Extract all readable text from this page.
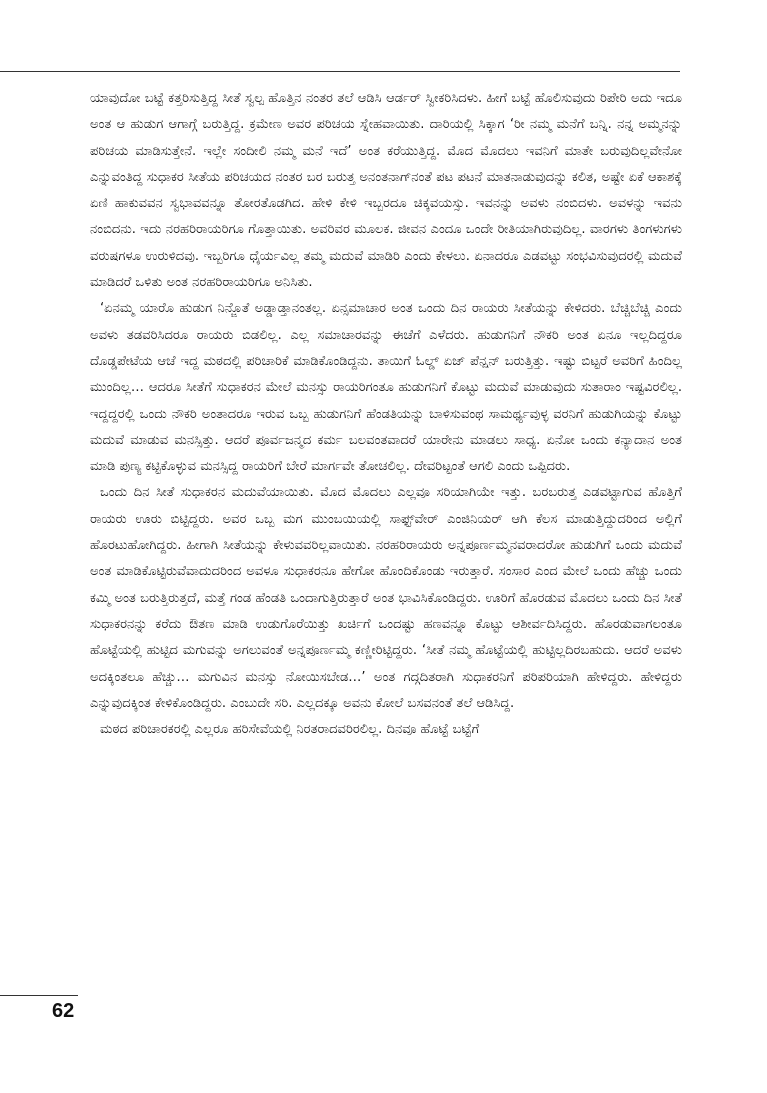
ಯಾವುದೋ ಬಟ್ಟೆ ಕತ್ತರಿಸುತ್ತಿದ್ದ ಸೀತೆ ಸ್ವಲ್ಪ ಹೊತ್ತಿನ ನಂತರ ತಲೆ ಆಡಿಸಿ ಆರ್ಡರ್ ಸ್ವೀಕರಿಸಿದಳು. ಹೀಗೆ ಬಟ್ಟೆ ಹೊಲಿಸುವುದು ರಿಪೇರಿ ಅದು ಇದೂ ಅಂತ ಆ ಹುಡುಗ ಆಗಾಗ್ಗೆ ಬರುತ್ತಿದ್ದ. ಕ್ರಮೇಣ ಅವರ ಪರಿಚಯ ಸ್ನೇಹವಾಯಿತು. ದಾರಿಯಲ್ಲಿ ಸಿಕ್ಕಾಗ ‘ರೀ ನಮ್ಮ ಮನೆಗೆ ಬನ್ನಿ. ನನ್ನ ಅಮ್ಮನನ್ನು ಪರಿಚಯ ಮಾಡಿಸುತ್ತೇನೆ. ಇಲ್ಲೇ ಸಂದೀಲಿ ನಮ್ಮ ಮನೆ ಇದೆ’ ಅಂತ ಕರೆಯುತ್ತಿದ್ದ. ಮೊದ ಮೊದಲು ಇವನಿಗೆ ಮಾತೇ ಬರುವುದಿಲ್ಲವೇನೋ ಎನ್ನುವಂತಿದ್ದ ಸುಧಾಕರ ಸೀತೆಯ ಪರಿಚಯದ ನಂತರ ಬರ ಬರುತ್ತ ಅನಂತನಾಗ್‌ನಂತೆ ಪಟ ಪಟನೆ ಮಾತನಾಡುವುದನ್ನು ಕಲಿತ, ಅಷ್ಟೇ ಏಕೆ ಆಕಾಶಕ್ಕೆ ಏಣಿ ಹಾಕುವವನ ಸ್ವಭಾವವನ್ನೂ ತೋರತೊಡಗಿದ. ಹೇಳಿ ಕೇಳಿ ಇಬ್ಬರದೂ ಚಿಕ್ಕವಯಸ್ಸು. ಇವನನ್ನು ಅವಳು ನಂಬಿದಳು. ಅವಳನ್ನು ಇವನು ನಂಬಿದನು. ಇದು ನರಹರಿರಾಯರಿಗೂ ಗೊತ್ತಾಯಿತು. ಅವರಿವರ ಮೂಲಕ. ಜೀವನ ಎಂದೂ ಒಂದೇ ರೀತಿಯಾಗಿರುವುದಿಲ್ಲ. ವಾರಗಳು ತಿಂಗಳುಗಳು ವರುಷಗಳೂ ಉರುಳಿದವು. ಇಬ್ಬರಿಗೂ ಧೈರ್ಯವಿಲ್ಲ ತಮ್ಮ ಮದುವೆ ಮಾಡಿರಿ ಎಂದು ಕೇಳಲು. ಏನಾದರೂ ಎಡವಟ್ಟು ಸಂಭವಿಸುವುದರಲ್ಲಿ ಮದುವೆ ಮಾಡಿದರೆ ಒಳಿತು ಅಂತ ನರಹರಿರಾಯರಿಗೂ ಅನಿಸಿತು.

‘ಏನಮ್ಮ ಯಾರೊ ಹುಡುಗ ನಿನ್ಜೊತೆ ಅಡ್ಡಾಡ್ತಾನಂತಲ್ಲ. ಏನ್ಸಮಾಚಾರ ಅಂತ ಒಂದು ದಿನ ರಾಯರು ಸೀತೆಯನ್ನು ಕೇಳಿದರು. ಬೆಚ್ಚಿಬೆಚ್ಚಿ ಎಂದು ಅವಳು ತಡವರಿಸಿದರೂ ರಾಯರು ಬಿಡಲಿಲ್ಲ. ಎಲ್ಲ ಸಮಾಚಾರವನ್ನು ಈಚೆಗೆ ಎಳೆದರು. ಹುಡುಗನಿಗೆ ನೌಕರಿ ಅಂತ ಏನೂ ಇಲ್ಲದಿದ್ದರೂ ದೊಡ್ಡಪೇಟೆಯ ಆಚೆ ಇದ್ದ ಮಠದಲ್ಲಿ ಪರಿಚಾರಿಕೆ ಮಾಡಿಕೊಂಡಿದ್ದನು. ತಾಯಿಗೆ ಓಲ್ಡ್ ಏಜ್ ಪೆನ್ಷನ್ ಬರುತ್ತಿತ್ತು. ಇಷ್ಟು ಬಿಟ್ಟರೆ ಅವರಿಗೆ ಹಿಂದಿಲ್ಲ ಮುಂದಿಲ್ಲ… ಆದರೂ ಸೀತೆಗೆ ಸುಧಾಕರನ ಮೇಲೆ ಮನಸ್ಸು ರಾಯರಿಗಂತೂ ಹುಡುಗನಿಗೆ ಕೊಟ್ಟು ಮದುವೆ ಮಾಡುವುದು ಸುತಾರಾಂ ಇಷ್ಟವಿರಲಿಲ್ಲ. ಇದ್ದದ್ದರಲ್ಲಿ ಒಂದು ನೌಕರಿ ಅಂತಾದರೂ ಇರುವ ಒಬ್ಬ ಹುಡುಗನಿಗೆ ಹೆಂಡತಿಯನ್ನು ಬಾಳಿಸುವಂಥ ಸಾಮರ್ಥ್ಯವುಳ್ಳ ವರನಿಗೆ ಹುಡುಗಿಯನ್ನು ಕೊಟ್ಟು ಮದುವೆ ಮಾಡುವ ಮನಸ್ಸಿತ್ತು. ಆದರೆ ಪೂರ್ವಜನ್ಮದ ಕರ್ಮ ಬಲವಂತವಾದರೆ ಯಾರೇನು ಮಾಡಲು ಸಾಧ್ಯ. ಏನೋ ಒಂದು ಕನ್ಯಾದಾನ ಅಂತ ಮಾಡಿ ಪುಣ್ಯ ಕಟ್ಟಿಕೊಳ್ಳುವ ಮನಸ್ಸಿದ್ದ ರಾಯರಿಗೆ ಬೇರೆ ಮಾರ್ಗವೇ ತೋಚಲಿಲ್ಲ. ದೇವರಿಟ್ಟಂತೆ ಆಗಲಿ ಎಂದು ಒಪ್ಪಿದರು.

ಒಂದು ದಿನ ಸೀತೆ ಸುಧಾಕರನ ಮದುವೆಯಾಯಿತು. ಮೊದ ಮೊದಲು ಎಲ್ಲವೂ ಸರಿಯಾಗಿಯೇ ಇತ್ತು. ಬರಬರುತ್ತ ಎಡವಟ್ಟಾಗುವ ಹೊತ್ತಿಗೆ ರಾಯರು ಊರು ಬಿಟ್ಟಿದ್ದರು. ಅವರ ಒಬ್ಬ ಮಗ ಮುಂಬಯಿಯಲ್ಲಿ ಸಾಫ್ಟ್‌ವೇರ್ ಎಂಜಿನಿಯರ್ ಆಗಿ ಕೆಲಸ ಮಾಡುತ್ತಿದ್ದುದರಿಂದ ಅಲ್ಲಿಗೆ ಹೊರಟುಹೋಗಿದ್ದರು. ಹೀಗಾಗಿ ಸೀತೆಯನ್ನು ಕೇಳುವವರಿಲ್ಲವಾಯಿತು. ನರಹರಿರಾಯರು ಅನ್ನಪೂರ್ಣಮ್ಮನವರಾದರೋ ಹುಡುಗಿಗೆ ಒಂದು ಮದುವೆ ಅಂತ ಮಾಡಿಕೊಟ್ಟಿರುವೆವಾದುದರಿಂದ ಅವಳೂ ಸುಧಾಕರನೂ ಹೇಗೋ ಹೊಂದಿಕೊಂಡು ಇರುತ್ತಾರೆ. ಸಂಸಾರ ಎಂದ ಮೇಲೆ ಒಂದು ಹೆಚ್ಚು ಒಂದು ಕಮ್ಮಿ ಅಂತ ಬರುತ್ತಿರುತ್ತದೆ, ಮತ್ತೆ ಗಂಡ ಹೆಂಡತಿ ಒಂದಾಗುತ್ತಿರುತ್ತಾರೆ ಅಂತ ಭಾವಿಸಿಕೊಂಡಿದ್ದರು. ಊರಿಗೆ ಹೊರಡುವ ಮೊದಲು ಒಂದು ದಿನ ಸೀತೆ ಸುಧಾಕರನನ್ನು ಕರೆದು ಔತಣ ಮಾಡಿ ಉಡುಗೊರೆಯಿತ್ತು ಖರ್ಚಿಗೆ ಒಂದಷ್ಟು ಹಣವನ್ನೂ ಕೊಟ್ಟು ಆಶೀರ್ವದಿಸಿದ್ದರು. ಹೊರಡುವಾಗಲಂತೂ ಹೊಟ್ಟೆಯಲ್ಲಿ ಹುಟ್ಟಿದ ಮಗುವನ್ನು ಅಗಲುವಂತೆ ಅನ್ನಪೂರ್ಣಮ್ಮ ಕಣ್ಣೀರಿಟ್ಟಿದ್ದರು. ‘ಸೀತೆ ನಮ್ಮ ಹೊಟ್ಟೆಯಲ್ಲಿ ಹುಟ್ಟಿಲ್ಲದಿರಬಹುದು. ಆದರೆ ಅವಳು ಅದಕ್ಕಿಂತಲೂ ಹೆಚ್ಚು… ಮಗುವಿನ ಮನಸ್ಸು ನೋಯಿಸಬೇಡ…’ ಅಂತ ಗದ್ಗದಿತರಾಗಿ ಸುಧಾಕರನಿಗೆ ಪರಿಪರಿಯಾಗಿ ಹೇಳಿದ್ದರು. ಹೇಳಿದ್ದರು ಎನ್ನುವುದಕ್ಕಿಂತ ಕೇಳಿಕೊಂಡಿದ್ದರು. ಎಂಬುದೇ ಸರಿ. ಎಲ್ಲದಕ್ಕೂ ಅವನು ಕೋಲೆ ಬಸವನಂತೆ ತಲೆ ಆಡಿಸಿದ್ದ.

ಮಠದ ಪರಿಚಾರಕರಲ್ಲಿ ಎಲ್ಲರೂ ಹರಿಸೇವೆಯಲ್ಲಿ ನಿರತರಾದವರಿರಲಿಲ್ಲ. ದಿನವೂ ಹೊಟ್ಟೆ ಬಟ್ಟೆಗೆ

62
